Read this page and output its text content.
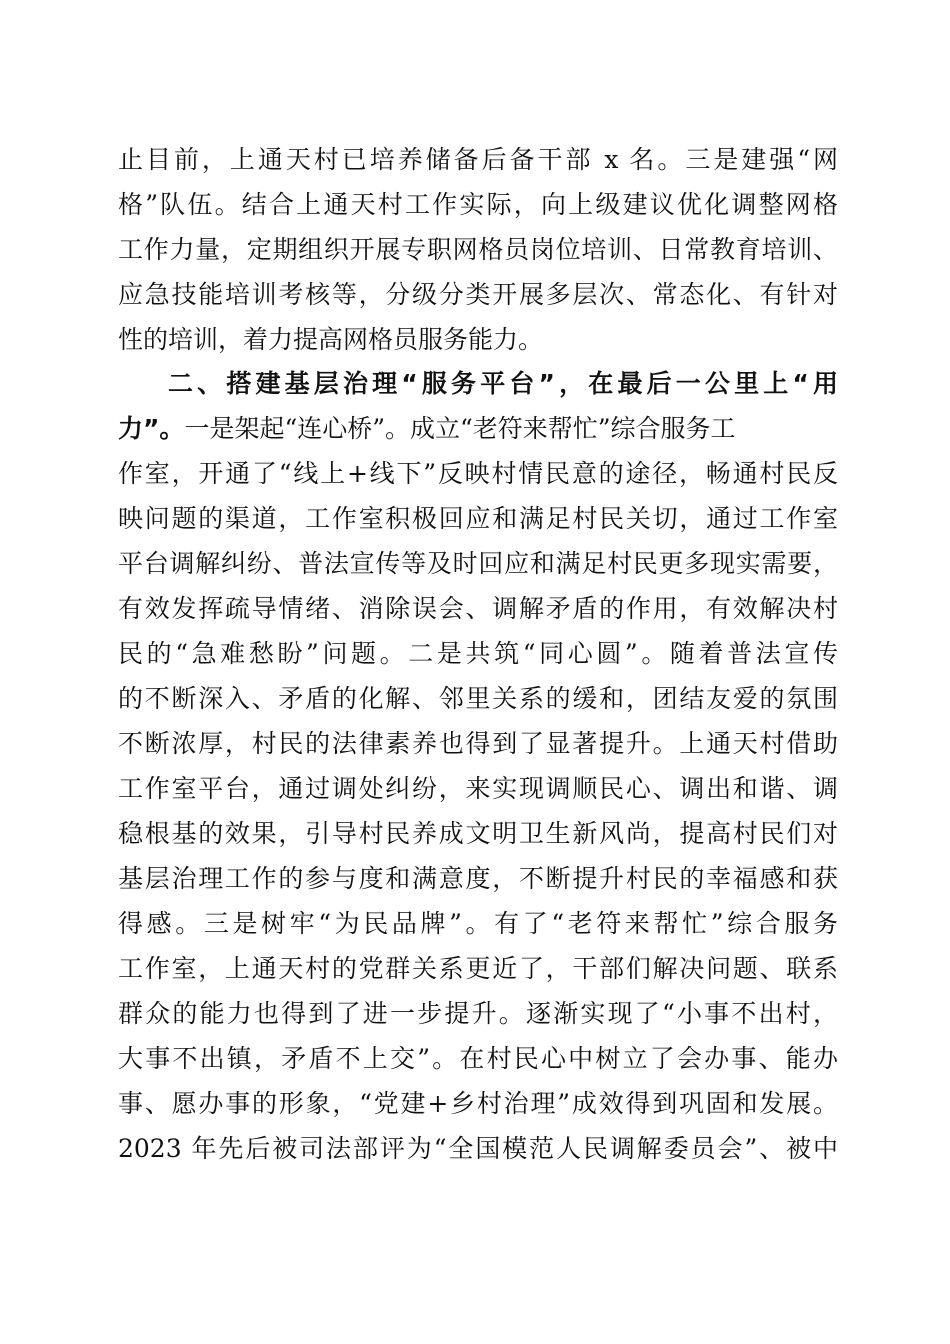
止目前，上通天村已培养储备后备干部 x 名。三是建强“网
格”队伍。结合上通天村工作实际，向上级建议优化调整网格
工作力量，定期组织开展专职网格员岗位培训、日常教育培训、
应急技能培训考核等，分级分类开展多层次、常态化、有针对
性的培训，着力提高网格员服务能力。
二、搭建基层治理“服务平台”，在最后一公里上“用
力”。一是架起“连心桥”。成立“老符来帮忙”综合服务工
作室，开通了“线上+线下”反映村情民意的途径，畅通村民反
映问题的渠道，工作室积极回应和满足村民关切，通过工作室
平台调解纠纷、普法宣传等及时回应和满足村民更多现实需要，
有效发挥疏导情绪、消除误会、调解矛盾的作用，有效解决村
民的“急难愁盼”问题。二是共筑“同心圆”。随着普法宣传
的不断深入、矛盾的化解、邻里关系的缓和，团结友爱的氛围
不断浓厚，村民的法律素养也得到了显著提升。上通天村借助
工作室平台，通过调处纠纷，来实现调顺民心、调出和谐、调
稳根基的效果，引导村民养成文明卫生新风尚，提高村民们对
基层治理工作的参与度和满意度，不断提升村民的幸福感和获
得感。三是树牢“为民品牌”。有了“老符来帮忙”综合服务
工作室，上通天村的党群关系更近了，干部们解决问题、联系
群众的能力也得到了进一步提升。逐渐实现了“小事不出村，
大事不出镇，矛盾不上交”。在村民心中树立了会办事、能办
事、愿办事的形象，“党建+乡村治理”成效得到巩固和发展。
2023 年先后被司法部评为“全国模范人民调解委员会”、被中
